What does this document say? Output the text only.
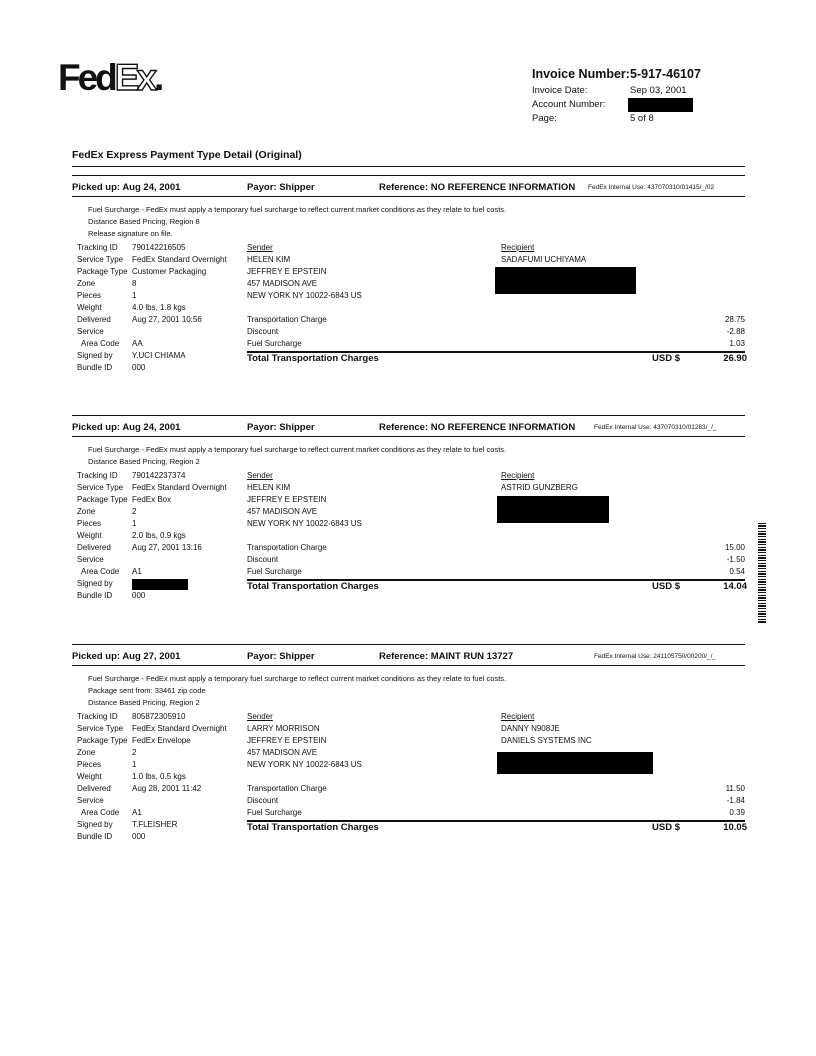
FedEx.	Invoice Number: 5-917-46107
Invoice Date:	Sep 03, 2001
Account Number:
Page:	5 of 8
FedEx Express Payment Type Detail (Original)
Picked up: Aug 24, 2001	Payor: Shipper	Reference: NO REFERENCE INFORMATION FedEx Internal Use: 437070310/01415/_/02
Fuel Surcharge - FedEx must apply a temporary fuel surcharge to reflect current market conditions as they relate to fuel costs.
Distance Based Pricing, Region 8
Release signature on file.
Tracking ID 790142216505
Service Type FedEx Standard Overnight
Package Type Customer Packaging
Zone	8
Pieces	1
Weight	4.0 lbs, 1.8 kgs
Delivered	Aug 27, 2001 10:56
Service
Area Code AA
Signed by Y.UCI CHIAMA
Bundle ID 000
Sender
HELEN KIM
JEFFREY E EPSTEIN
457 MADISON AVE
NEW YORK NY 10022-6843 US
Recipient
SADAFUMI UCHIYAMA
Transportation Charge	28.75
Discount	-2.88
Fuel Surcharge	1.03
Total Transportation Charges	USD $	26.90
Picked up: Aug 24, 2001	Payor: Shipper	Reference: NO REFERENCE INFORMATION	FedEx Internal Use: 437070310/01283/_/_
Fuel Surcharge - FedEx must apply a temporary fuel surcharge to reflect current market conditions as they relate to fuel costs.
Distance Based Pricing, Region 2
Tracking ID 790142237374
Service Type FedEx Standard Overnight
Package Type FedEx Box
Zone	2
Pieces	1
Weight	2.0 lbs, 0.9 kgs
Delivered	Aug 27, 2001 13:16
Service
Area Code A1
Signed by
Bundle ID 000
Sender
HELEN KIM
JEFFREY E EPSTEIN
457 MADISON AVE
NEW YORK NY 10022-6843 US
Recipient
ASTRID GUNZBERG
Transportation Charge	15.00
Discount	-1.50
Fuel Surcharge	0.54
Total Transportation Charges	USD $	14.04
Picked up: Aug 27, 2001	Payor: Shipper	Reference: MAINT RUN 13727	FedEx Internal Use: 241105750/00200/_/_
Fuel Surcharge - FedEx must apply a temporary fuel surcharge to reflect current market conditions as they relate to fuel costs.
Package sent from: 33461 zip code
Distance Based Pricing, Region 2
Tracking ID 805872305910
Service Type FedEx Standard Overnight
Package Type FedEx Envelope
Zone	2
Pieces	1
Weight	1.0 lbs, 0.5 kgs
Delivered	Aug 28, 2001 11:42
Service
Area Code A1
Signed by T.FLEISHER
Bundle ID 000
Sender
LARRY MORRISON
JEFFREY E EPSTEIN
457 MADISON AVE
NEW YORK NY 10022-6843 US
Recipient
DANNY N908JE
DANIELS SYSTEMS INC
Transportation Charge	11.50
Discount	-1.84
Fuel Surcharge	0.39
Total Transportation Charges	USD $	10.05
